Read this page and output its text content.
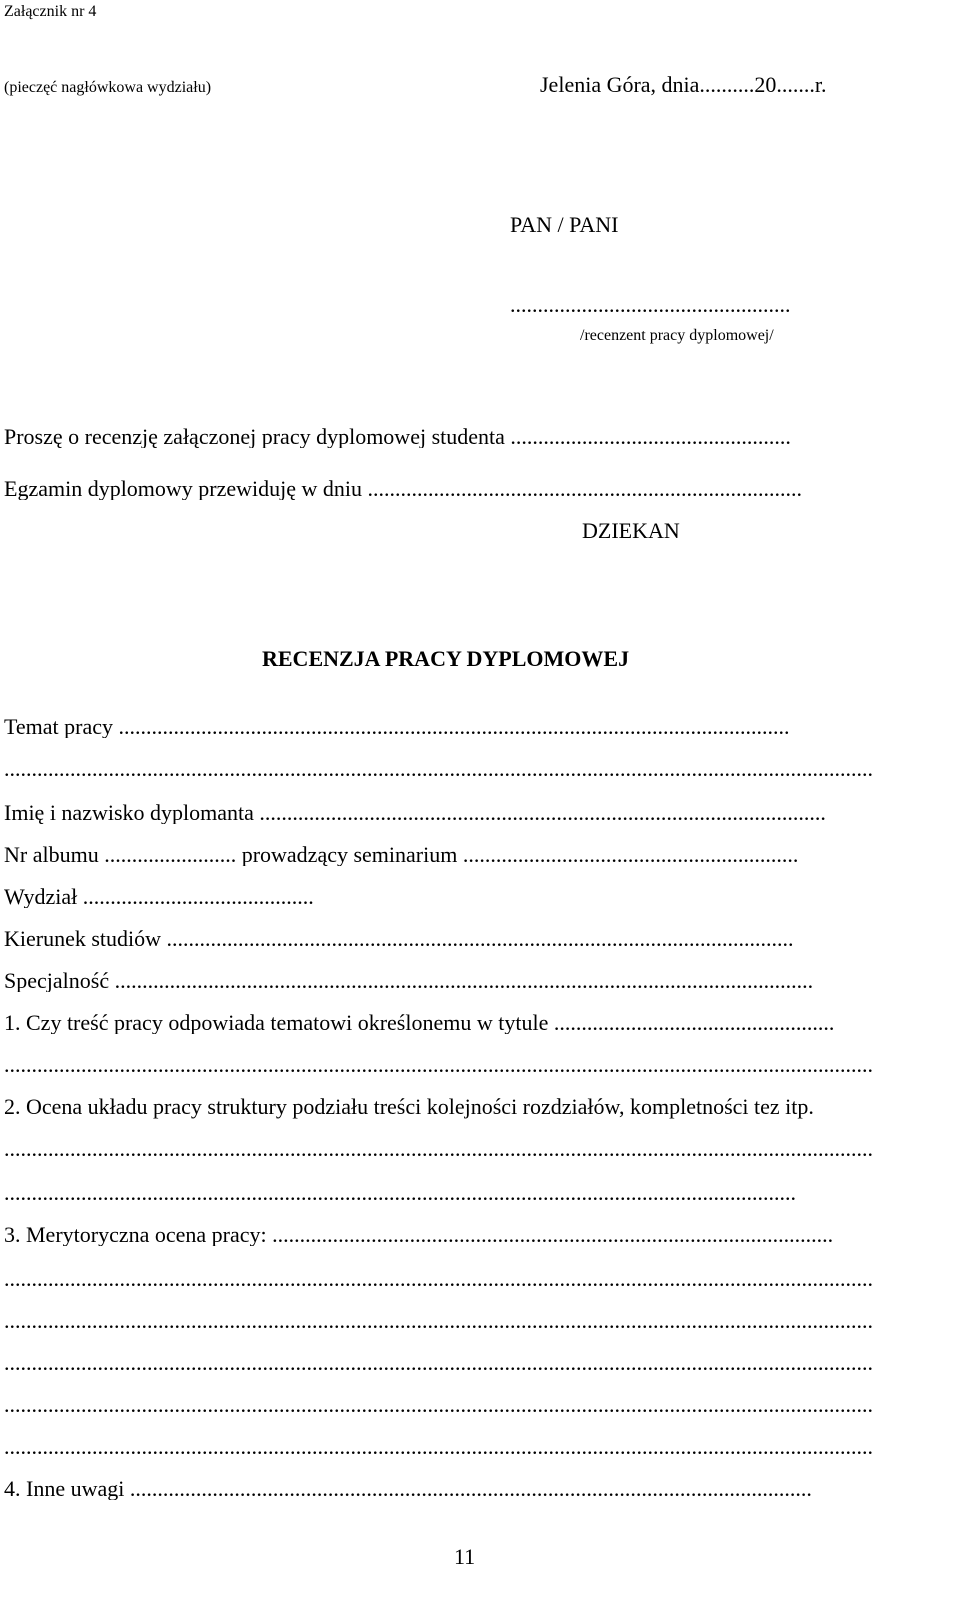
Załącznik nr 4
(pieczęć nagłówkowa wydziału)	Jelenia Góra, dnia..........20.......r.
PAN / PANI
...................................................
/recenzent pracy dyplomowej/
Proszę o recenzję załączonej pracy dyplomowej studenta ...................................................
Egzamin dyplomowy przewiduję w dniu ...............................................................................
DZIEKAN
RECENZJA PRACY DYPLOMOWEJ
Temat pracy ..........................................................................................................................
..............................................................................................................................................................
Imię i nazwisko dyplomanta .......................................................................................................
Nr albumu ........................ prowadzący seminarium .............................................................
Wydział ..........................................
Kierunek studiów ..................................................................................................................
Specjalność ...............................................................................................................................
1. Czy treść pracy odpowiada tematowi określonemu w tytule ...................................................
..............................................................................................................................................................
2. Ocena układu pracy struktury podziału treści kolejności rozdziałów, kompletności tez itp.
..............................................................................................................................................................
................................................................................................................................................
3. Merytoryczna ocena pracy: ......................................................................................................
..............................................................................................................................................................
..............................................................................................................................................................
..............................................................................................................................................................
..............................................................................................................................................................
..............................................................................................................................................................
4. Inne uwagi ............................................................................................................................
11
